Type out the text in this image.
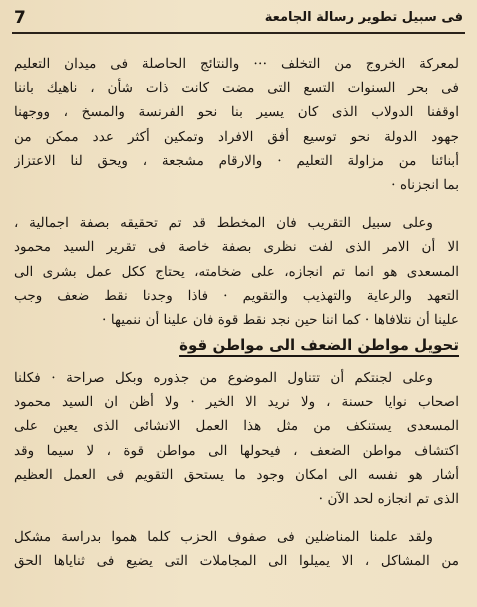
7	فى سبيل تطوير رسالة الجامعة
لمعركة الخروج من التخلف ⋅⋅⋅ والنتائج الحاصلة فى ميدان التعليم
فى بحر السنوات التسع التى مضت كانت ذات شأن ، ناهيك باننا
اوقفنا الدولاب الذى كان يسير بنا نحو الفرنسة والمسخ ، ووجهنا
جهود الدولة نحو توسيع أفق الافراد وتمكين أكثر عدد ممكن من
أبنائنا من مزاولة التعليم ⋅ والارقام مشجعة ، ويحق لنا الاعتزاز
بما انجزناه ⋅
وعلى سبيل التقريب فان المخطط قد تم تحقيقه بصفة اجمالية ،
الا أن الامر الذى لفت نظرى بصفة خاصة فى تقرير السيد محمود
المسعدى هو انما تم انجازه، على ضخامته، يحتاج ككل عمل بشرى الى
التعهد والرعاية والتهذيب والتقويم ⋅ فاذا وجدنا نقط ضعف وجب
علينا أن نتلافاها ⋅ كما اننا حين نجد نقط قوة فان علينا أن ننميها ⋅
تحويل مواطن الضعف الى مواطن قوة
وعلى لجنتكم أن تتناول الموضوع من جذوره وبكل صراحة ⋅ فكلنا
اصحاب نوايا حسنة ، ولا نريد الا الخير ⋅ ولا أظن ان السيد محمود
المسعدى يستنكف من مثل هذا العمل الانشائى الذى يعين على
اكتشاف مواطن الضعف ، فيحولها الى مواطن قوة ، لا سيما وقد
أشار هو نفسه الى امكان وجود ما يستحق التقويم فى العمل العظيم
الذى تم انجازه لحد الآن ⋅
ولقد علمنا المناضلين فى صفوف الحزب كلما هموا بدراسة مشكل
من المشاكل ، الا يميلوا الى المجاملات التى يضيع فى ثناياها الحق
